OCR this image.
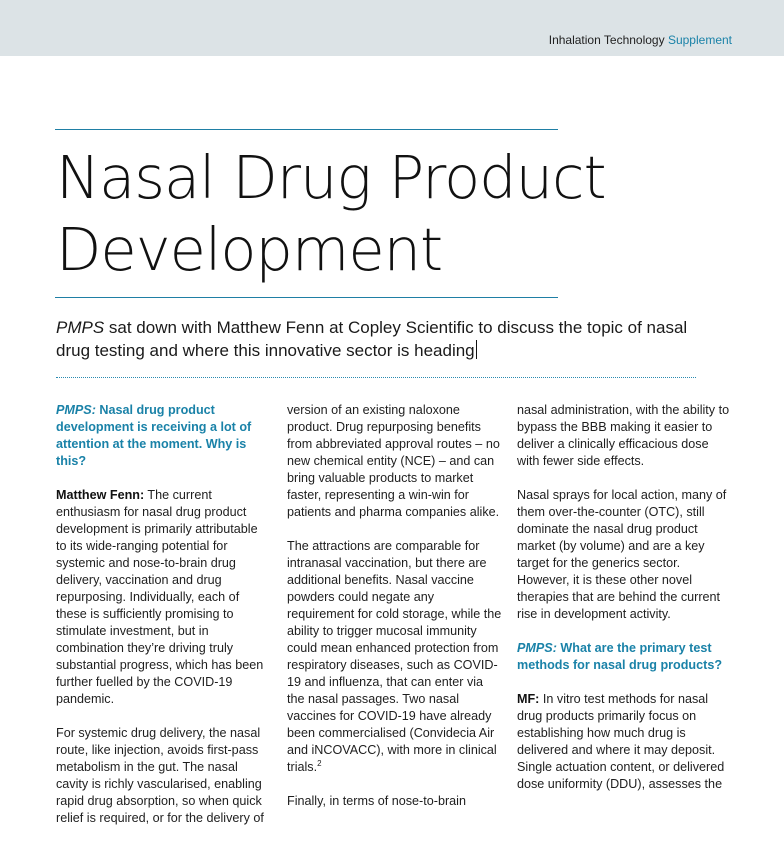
Inhalation Technology Supplement
Nasal Drug Product
Development
PMPS sat down with Matthew Fenn at Copley Scientific to discuss the topic of nasal drug testing and where this innovative sector is heading

PMPS: Nasal drug product development is receiving a lot of attention at the moment. Why is this?

Matthew Fenn: The current enthusiasm for nasal drug product development is primarily attributable to its wide-ranging potential for systemic and nose-to-brain drug delivery, vaccination and drug repurposing. Individually, each of these is sufficiently promising to stimulate investment, but in combination they’re driving truly substantial progress, which has been further fuelled by the COVID-19 pandemic.

For systemic drug delivery, the nasal route, like injection, avoids first-pass metabolism in the gut. The nasal cavity is richly vascularised, enabling rapid drug absorption, so when quick relief is required, or for the delivery of

version of an existing naloxone product. Drug repurposing benefits from abbreviated approval routes – no new chemical entity (NCE) – and can bring valuable products to market faster, representing a win-win for patients and pharma companies alike.

The attractions are comparable for intranasal vaccination, but there are additional benefits. Nasal vaccine powders could negate any requirement for cold storage, while the ability to trigger mucosal immunity could mean enhanced protection from respiratory diseases, such as COVID-19 and influenza, that can enter via the nasal passages. Two nasal vaccines for COVID-19 have already been commercialised (Convidecia Air and iNCOVACC), with more in clinical trials.$^2$

Finally, in terms of nose-to-brain

nasal administration, with the ability to bypass the BBB making it easier to deliver a clinically efficacious dose with fewer side effects.

Nasal sprays for local action, many of them over-the-counter (OTC), still dominate the nasal drug product market (by volume) and are a key target for the generics sector. However, it is these other novel therapies that are behind the current rise in development activity.

PMPS: What are the primary test methods for nasal drug products?

MF: In vitro test methods for nasal drug products primarily focus on establishing how much drug is delivered and where it may deposit. Single actuation content, or delivered dose uniformity (DDU), assesses the
